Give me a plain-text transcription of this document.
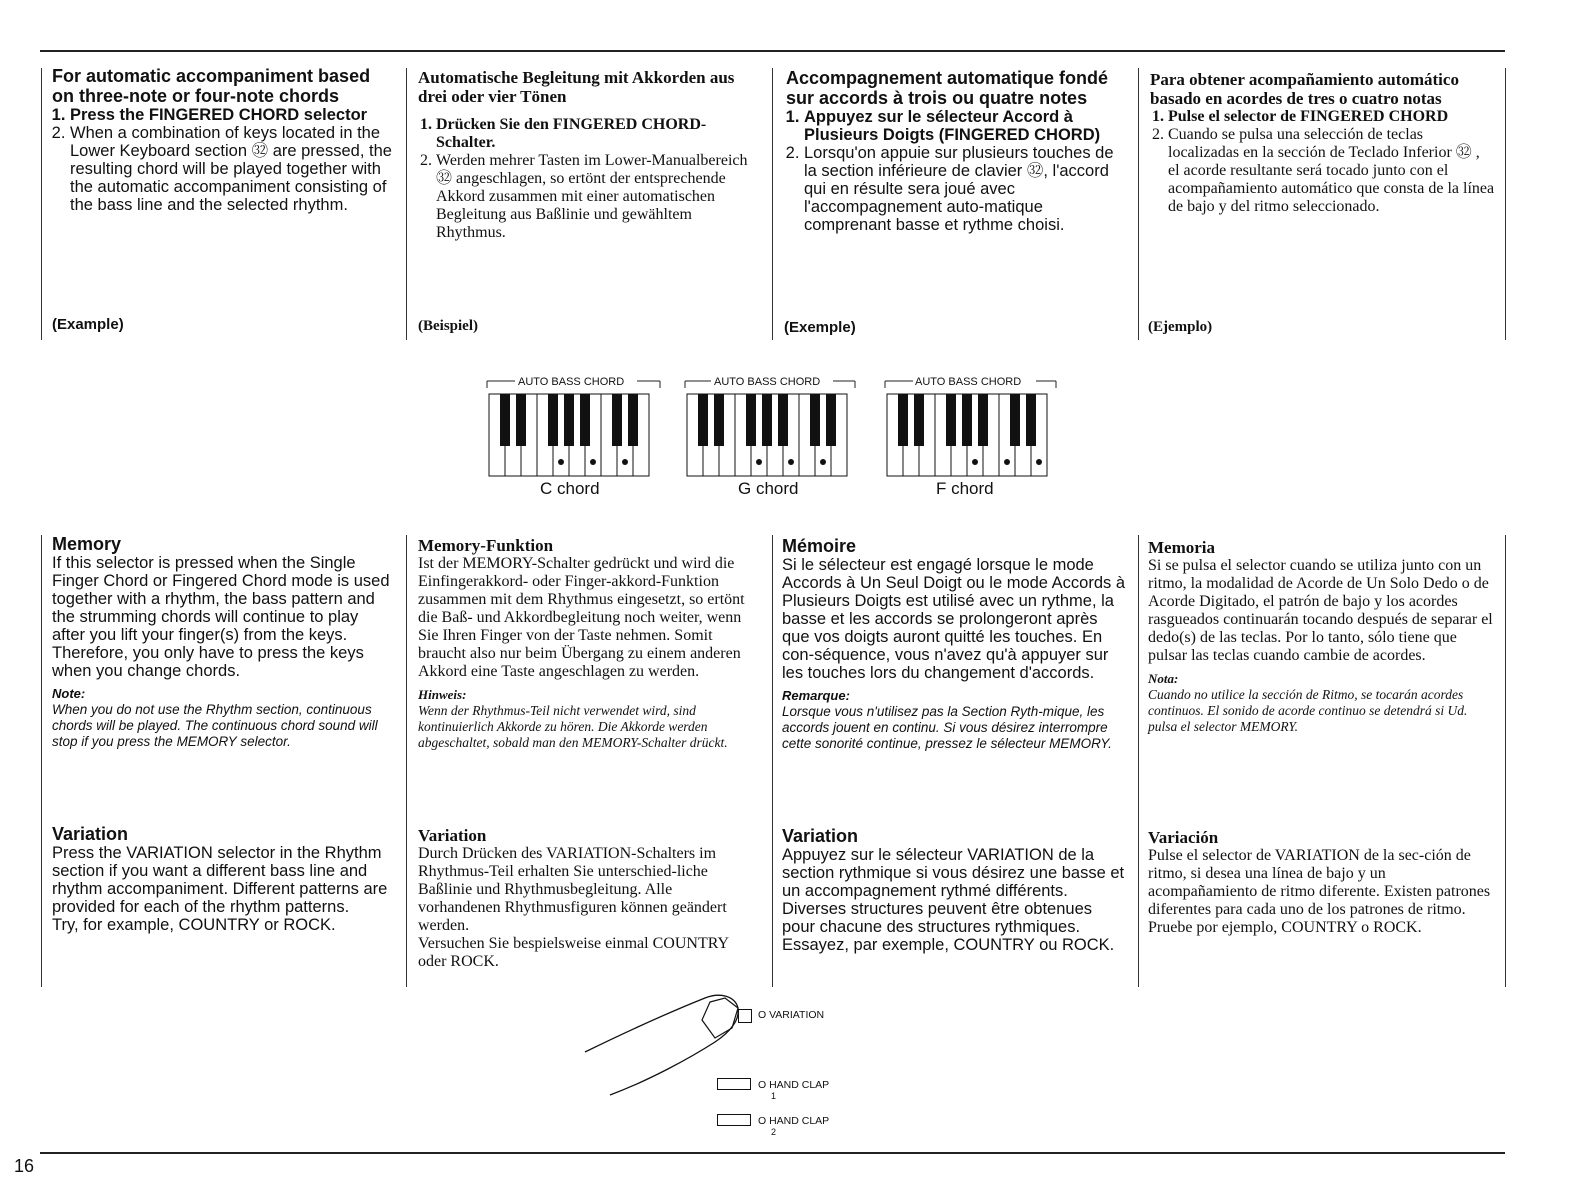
For automatic accompaniment based on three-note or four-note chords

1. Press the FINGERED CHORD selector
2. When a combination of keys located in the Lower Keyboard section ㉜ are pressed, the resulting chord will be played together with the automatic accompaniment consisting of the bass line and the selected rhythm.
(Example)

Automatische Begleitung mit Akkorden aus drei oder vier Tönen

1. Drücken Sie den FINGERED CHORD-Schalter.
2. Werden mehrer Tasten im Lower-Manualbereich ㉜ angeschlagen, so ertönt der entsprechende Akkord zusammen mit einer automatischen Begleitung aus Baßlinie und gewähltem Rhythmus.
(Beispiel)

Accompagnement automatique fondé sur accords à trois ou quatre notes

1. Appuyez sur le sélecteur Accord à Plusieurs Doigts (FINGERED CHORD)
2. Lorsqu'on appuie sur plusieurs touches de la section inférieure de clavier ㉜, l'accord qui en résulte sera joué avec l'accompagnement auto-matique comprenant basse et rythme choisi.
(Exemple)

Para obtener acompañamiento automático basado en acordes de tres o cuatro notas

1. Pulse el selector de FINGERED CHORD
2. Cuando se pulsa una selección de teclas localizadas en la sección de Teclado Inferior ㉜ , el acorde resultante será tocado junto con el acompañamiento automático que consta de la línea de bajo y del ritmo seleccionado.
(Ejemplo)
AUTO BASS CHORD
C chord
AUTO BASS CHORD
G chord
AUTO BASS CHORD
F chord

Memory

If this selector is pressed when the Single Finger Chord or Fingered Chord mode is used together with a rhythm, the bass pattern and the strumming chords will continue to play after you lift your finger(s) from the keys. Therefore, you only have to press the keys when you change chords.

Note:

When you do not use the Rhythm section, continuous chords will be played. The continuous chord sound will stop if you press the MEMORY selector.

Variation

Press the VARIATION selector in the Rhythm section if you want a different bass line and rhythm accompaniment. Different patterns are provided for each of the rhythm patterns.

Try, for example, COUNTRY or ROCK.

Memory-Funktion

Ist der MEMORY-Schalter gedrückt und wird die Einfingerakkord- oder Finger-akkord-Funktion zusammen mit dem Rhythmus eingesetzt, so ertönt die Baß- und Akkordbegleitung noch weiter, wenn Sie Ihren Finger von der Taste nehmen. Somit braucht also nur beim Übergang zu einem anderen Akkord eine Taste angeschlagen zu werden.

Hinweis:

Wenn der Rhythmus-Teil nicht verwendet wird, sind kontinuierlich Akkorde zu hören. Die Akkorde werden abgeschaltet, sobald man den MEMORY-Schalter drückt.

Variation

Durch Drücken des VARIATION-Schalters im Rhythmus-Teil erhalten Sie unterschied-liche Baßlinie und Rhythmusbegleitung. Alle vorhandenen Rhythmusfiguren können geändert werden.

Versuchen Sie bespielsweise einmal COUNTRY oder ROCK.

Mémoire

Si le sélecteur est engagé lorsque le mode Accords à Un Seul Doigt ou le mode Accords à Plusieurs Doigts est utilisé avec un rythme, la basse et les accords se prolongeront après que vos doigts auront quitté les touches. En con-séquence, vous n'avez qu'à appuyer sur les touches lors du changement d'accords.

Remarque:

Lorsque vous n'utilisez pas la Section Ryth-mique, les accords jouent en continu. Si vous désirez interrompre cette sonorité continue, pressez le sélecteur MEMORY.

Variation

Appuyez sur le sélecteur VARIATION de la section rythmique si vous désirez une basse et un accompagnement rythmé différents. Diverses structures peuvent être obtenues pour chacune des structures rythmiques.

Essayez, par exemple, COUNTRY ou ROCK.

Memoria

Si se pulsa el selector cuando se utiliza junto con un ritmo, la modalidad de Acorde de Un Solo Dedo o de Acorde Digitado, el patrón de bajo y los acordes rasgueados continuarán tocando después de separar el dedo(s) de las teclas. Por lo tanto, sólo tiene que pulsar las teclas cuando cambie de acordes.

Nota:

Cuando no utilice la sección de Ritmo, se tocarán acordes continuos. El sonido de acorde continuo se detendrá si Ud. pulsa el selector MEMORY.

Variación

Pulse el selector de VARIATION de la sec-ción de ritmo, si desea una línea de bajo y un acompañamiento de ritmo diferente. Existen patrones diferentes para cada uno de los patrones de ritmo.

Pruebe por ejemplo, COUNTRY o ROCK.

O VARIATION
O HAND CLAP
1
O HAND CLAP
2
16
